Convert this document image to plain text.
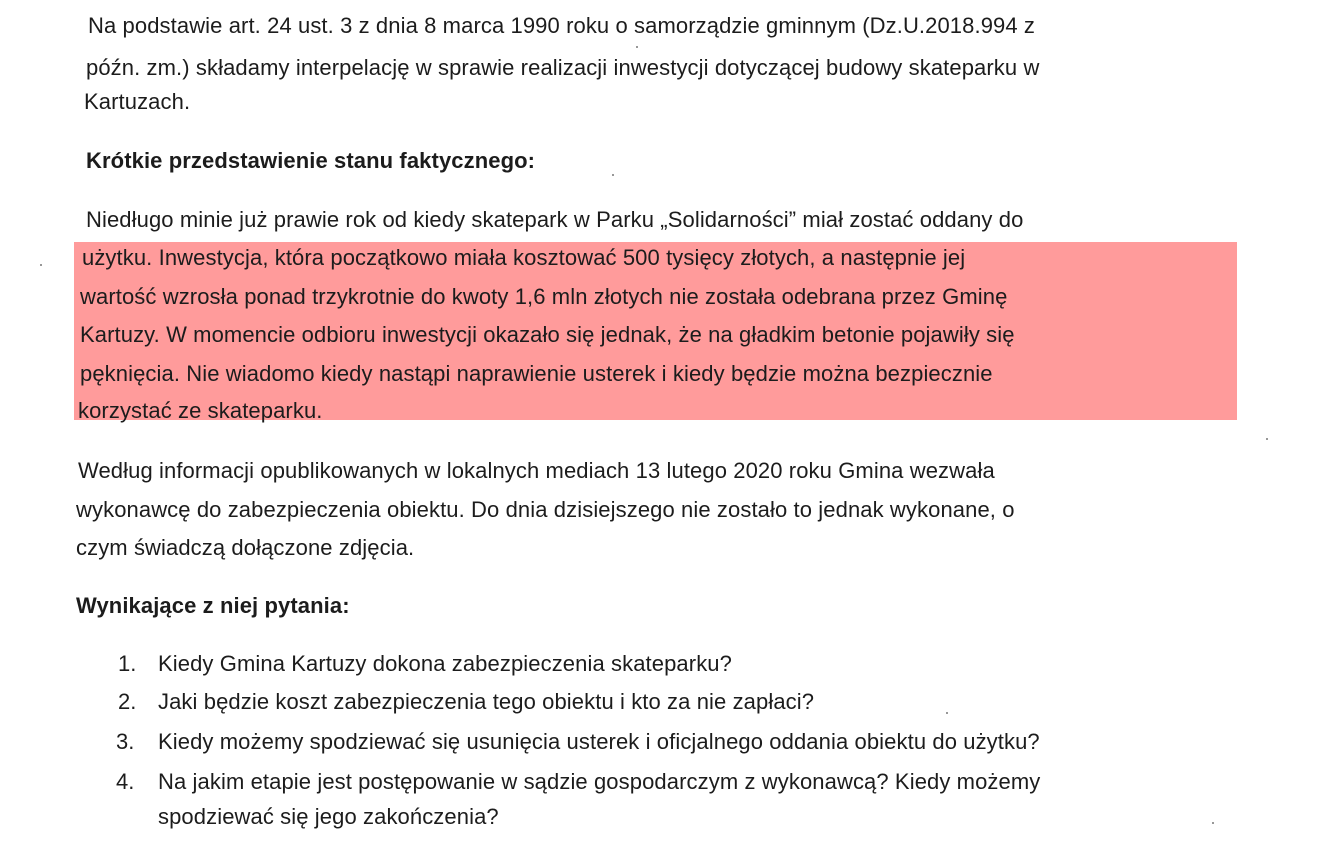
Na podstawie art. 24 ust. 3 z dnia 8 marca 1990 roku o samorządzie gminnym (Dz.U.2018.994 z
późn. zm.) składamy interpelację w sprawie realizacji inwestycji dotyczącej budowy skateparku w
Kartuzach.
Krótkie przedstawienie stanu faktycznego:
Niedługo minie już prawie rok od kiedy skatepark w Parku „Solidarności” miał zostać oddany do
użytku. Inwestycja, która początkowo miała kosztować 500 tysięcy złotych, a następnie jej
wartość wzrosła ponad trzykrotnie do kwoty 1,6 mln złotych nie została odebrana przez Gminę
Kartuzy. W momencie odbioru inwestycji okazało się jednak, że na gładkim betonie pojawiły się
pęknięcia. Nie wiadomo kiedy nastąpi naprawienie usterek i kiedy będzie można bezpiecznie
korzystać ze skateparku.
Według informacji opublikowanych w lokalnych mediach 13 lutego 2020 roku Gmina wezwała
wykonawcę do zabezpieczenia obiektu. Do dnia dzisiejszego nie zostało to jednak wykonane, o
czym świadczą dołączone zdjęcia.
Wynikające z niej pytania:
1. Kiedy Gmina Kartuzy dokona zabezpieczenia skateparku?
2. Jaki będzie koszt zabezpieczenia tego obiektu i kto za nie zapłaci?
3. Kiedy możemy spodziewać się usunięcia usterek i oficjalnego oddania obiektu do użytku?
4. Na jakim etapie jest postępowanie w sądzie gospodarczym z wykonawcą? Kiedy możemy
spodziewać się jego zakończenia?
